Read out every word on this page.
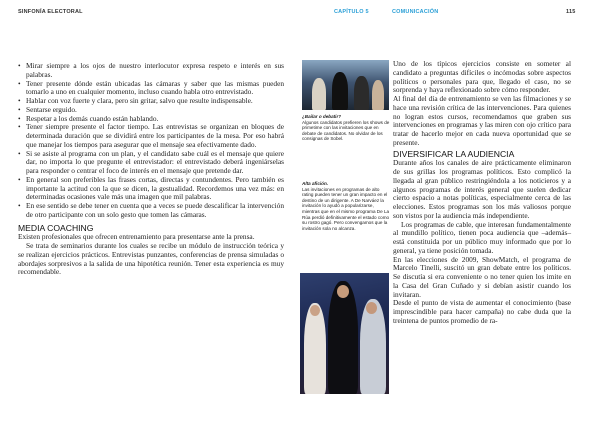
SINFONÍA ELECTORAL	CAPÍTULO 5	COMUNICACIÓN	115
• Mirar siempre a los ojos de nuestro interlocutor expresa respeto e interés en sus palabras.
• Tener presente dónde están ubicadas las cámaras y saber que las mismas pueden tomarlo a uno en cualquier momento, incluso cuando habla otro entrevistado.
• Hablar con voz fuerte y clara, pero sin gritar, salvo que resulte indispensable.
• Sentarse erguido.
• Respetar a los demás cuando están hablando.
• Tener siempre presente el factor tiempo. Las entrevistas se organizan en bloques de determinada duración que se dividirá entre los participantes de la mesa. Por eso habrá que manejar los tiempos para asegurar que el mensaje sea efectivamente dado.
• Si se asiste al programa con un plan, y el candidato sabe cuál es el mensaje que quiere dar, no importa lo que pregunte el entrevistador: el entrevistado deberá ingeniárselas para responder o centrar el foco de interés en el mensaje que pretende dar.
• En general son preferibles las frases cortas, directas y contundentes. Pero también es importante la actitud con la que se dicen, la gestualidad. Recordemos una vez más: en determinadas ocasiones vale más una imagen que mil palabras.
• En ese sentido se debe tener en cuenta que a veces se puede descalificar la intervención de otro participante con un solo gesto que tomen las cámaras.
MEDIA COACHING

Existen profesionales que ofrecen entrenamiento para presentarse ante la prensa.

Se trata de seminarios durante los cuales se recibe un módulo de instrucción teórica y se realizan ejercicios prácticos. Entrevistas punzantes, conferencias de prensa simuladas o abordajes sorpresivos a la salida de una hipotética reunión. Tener esta experiencia es muy recomendable.

¿Bailar o debatir?
Algunos candidatos prefieren los shows de primetime con las invitaciones que en debate de candidatos. No olvidar de los consignas de Sobel.
Alta afición.
Las invitaciones en programas de alto rating pueden tener un gran impacto en el destino de un dirigente. A De Narváez la invitación lo ayudó a popularizarse, mientras que en el mismo programa De La Rúa perdió definitivamente el estado como su rostro gagó. Pero convengamos que la invitación sola no alcanza.

Uno de los típicos ejercicios consiste en someter al candidato a preguntas difíciles o incómodas sobre aspectos políticos o personales para que, llegado el caso, no se sorprenda y haya reflexionado sobre cómo responder.

Al final del día de entrenamiento se ven las filmaciones y se hace una revisión crítica de las intervenciones. Para quienes no logran estos cursos, recomendamos que graben sus intervenciones en programas y las miren con ojo crítico para tratar de hacerlo mejor en cada nueva oportunidad que se presente.

DIVERSIFICAR LA AUDIENCIA

Durante años los canales de aire prácticamente eliminaron de sus grillas los programas políticos. Esto complicó la llegada al gran público restringiéndola a los noticieros y a algunos programas de interés general que suelen dedicar cierto espacio a notas políticas, especialmente cerca de las elecciones. Estos programas son los más valiosos porque son vistos por la audiencia más independiente.

Los programas de cable, que interesan fundamentalmente al mundillo político, tienen poca audiencia que –además– está constituida por un público muy informado que por lo general, ya tiene posición tomada.

En las elecciones de 2009, ShowMatch, el programa de Marcelo Tinelli, suscitó un gran debate entre los políticos. Se discutía si era conveniente o no tener quien los imite en la Casa del Gran Cuñado y si debían asistir cuando los invitaran.

Desde el punto de vista de aumentar el conocimiento (base imprescindible para hacer campaña) no cabe duda que la treintena de puntos promedio de ra-
